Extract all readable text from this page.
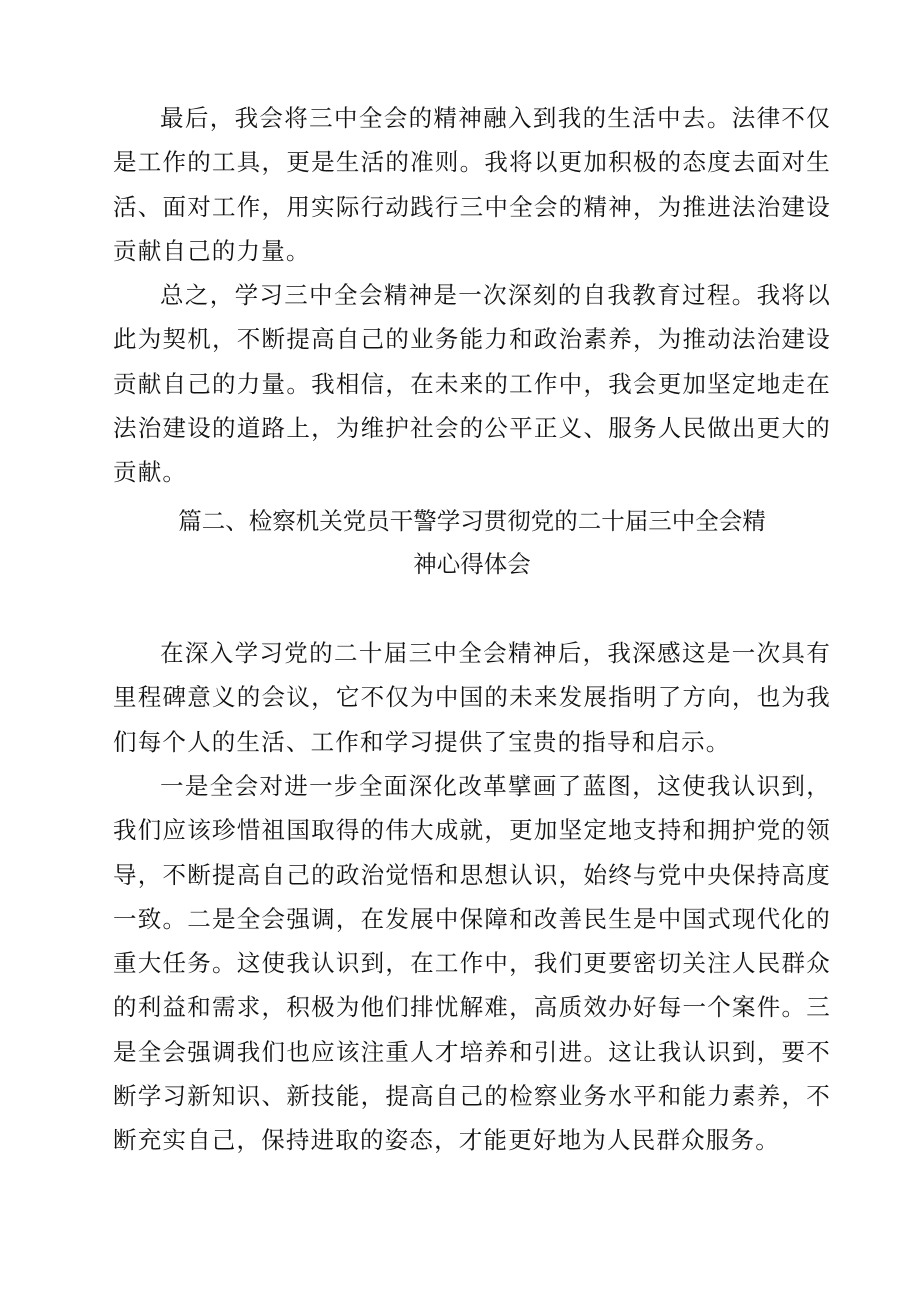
最后，我会将三中全会的精神融入到我的生活中去。法律不仅是工作的工具，更是生活的准则。我将以更加积极的态度去面对生活、面对工作，用实际行动践行三中全会的精神，为推进法治建设贡献自己的力量。

总之，学习三中全会精神是一次深刻的自我教育过程。我将以此为契机，不断提高自己的业务能力和政治素养，为推动法治建设贡献自己的力量。我相信，在未来的工作中，我会更加坚定地走在法治建设的道路上，为维护社会的公平正义、服务人民做出更大的贡献。

篇二、检察机关党员干警学习贯彻党的二十届三中全会精
神心得体会

在深入学习党的二十届三中全会精神后，我深感这是一次具有里程碑意义的会议，它不仅为中国的未来发展指明了方向，也为我们每个人的生活、工作和学习提供了宝贵的指导和启示。

一是全会对进一步全面深化改革擘画了蓝图，这使我认识到，我们应该珍惜祖国取得的伟大成就，更加坚定地支持和拥护党的领导，不断提高自己的政治觉悟和思想认识，始终与党中央保持高度一致。二是全会强调，在发展中保障和改善民生是中国式现代化的重大任务。这使我认识到，在工作中，我们更要密切关注人民群众的利益和需求，积极为他们排忧解难，高质效办好每一个案件。三是全会强调我们也应该注重人才培养和引进。这让我认识到，要不断学习新知识、新技能，提高自己的检察业务水平和能力素养，不断充实自己，保持进取的姿态，才能更好地为人民群众服务。
